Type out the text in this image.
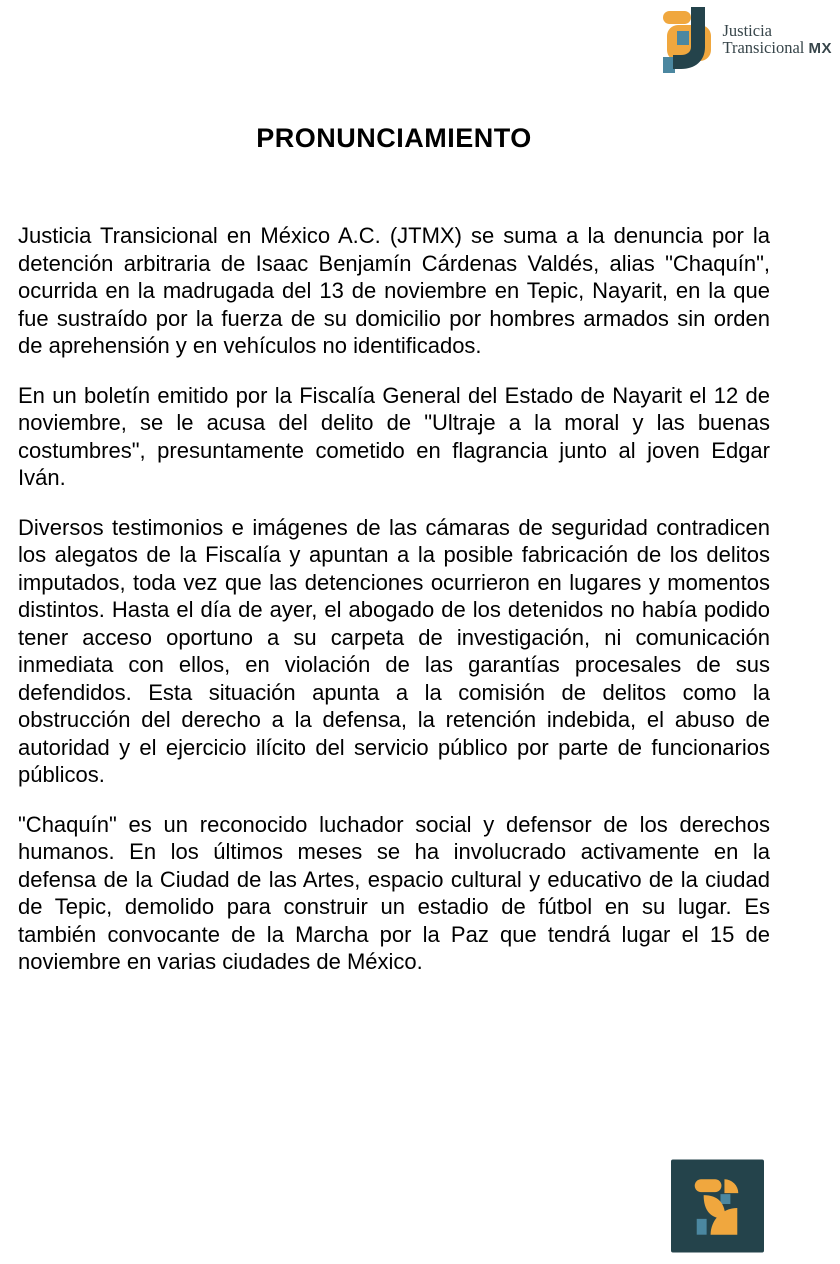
Justicia
Transicional MX
PRONUNCIAMIENTO

Justicia Transicional en México A.C. (JTMX) se suma a la denuncia por la detención arbitraria de Isaac Benjamín Cárdenas Valdés, alias "Chaquín", ocurrida en la madrugada del 13 de noviembre en Tepic, Nayarit, en la que fue sustraído por la fuerza de su domicilio por hombres armados sin orden de aprehensión y en vehículos no identificados.

En un boletín emitido por la Fiscalía General del Estado de Nayarit el 12 de noviembre, se le acusa del delito de "Ultraje a la moral y las buenas costumbres", presuntamente cometido en flagrancia junto al joven Edgar Iván.

Diversos testimonios e imágenes de las cámaras de seguridad contradicen los alegatos de la Fiscalía y apuntan a la posible fabricación de los delitos imputados, toda vez que las detenciones ocurrieron en lugares y momentos distintos. Hasta el día de ayer, el abogado de los detenidos no había podido tener acceso oportuno a su carpeta de investigación, ni comunicación inmediata con ellos, en violación de las garantías procesales de sus defendidos. Esta situación apunta a la comisión de delitos como la obstrucción del derecho a la defensa, la retención indebida, el abuso de autoridad y el ejercicio ilícito del servicio público por parte de funcionarios públicos.

"Chaquín" es un reconocido luchador social y defensor de los derechos humanos. En los últimos meses se ha involucrado activamente en la defensa de la Ciudad de las Artes, espacio cultural y educativo de la ciudad de Tepic, demolido para construir un estadio de fútbol en su lugar. Es también convocante de la Marcha por la Paz que tendrá lugar el 15 de noviembre en varias ciudades de México.
